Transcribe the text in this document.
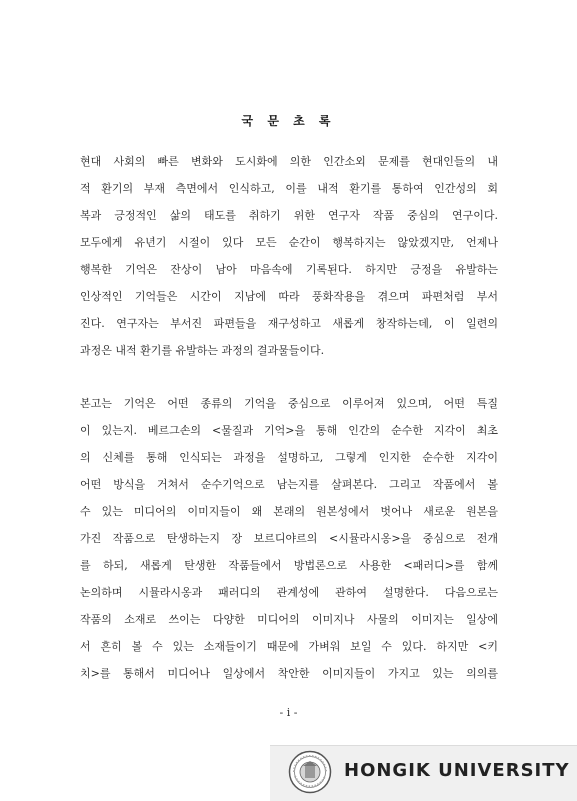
국 문 초 록
현대 사회의 빠른 변화와 도시화에 의한 인간소외 문제를 현대인들의 내
적 환기의 부재 측면에서 인식하고, 이를 내적 환기를 통하여 인간성의 회
복과 긍정적인 삶의 태도를 취하기 위한 연구자 작품 중심의 연구이다.
모두에게 유년기 시절이 있다 모든 순간이 행복하지는 않았겠지만, 언제나
행복한 기억은 잔상이 남아 마음속에 기록된다. 하지만 긍정을 유발하는
인상적인 기억들은 시간이 지남에 따라 풍화작용을 겪으며 파편처럼 부서
진다. 연구자는 부서진 파편들을 재구성하고 새롭게 창작하는데, 이 일련의
과정은 내적 환기를 유발하는 과정의 결과물들이다.
본고는 기억은 어떤 종류의 기억을 중심으로 이루어져 있으며, 어떤 특질
이 있는지. 베르그손의 <물질과 기억>을 통해 인간의 순수한 지각이 최초
의 신체를 통해 인식되는 과정을 설명하고, 그렇게 인지한 순수한 지각이
어떤 방식을 거쳐서 순수기억으로 남는지를 살펴본다. 그리고 작품에서 볼
수 있는 미디어의 이미지들이 왜 본래의 원본성에서 벗어나 새로운 원본을
가진 작품으로 탄생하는지 장 보르디야르의 <시뮬라시옹>을 중심으로 전개
를 하되, 새롭게 탄생한 작품들에서 방법론으로 사용한 <패러디>를 함께
논의하며 시뮬라시옹과 패러디의 관계성에 관하여 설명한다. 다음으로는
작품의 소재로 쓰이는 다양한 미디어의 이미지나 사물의 이미지는 일상에
서 흔히 볼 수 있는 소재들이기 때문에 가벼워 보일 수 있다. 하지만 <키
치>를 통해서 미디어나 일상에서 착안한 이미지들이 가지고 있는 의의를
- i -
HONGIK UNIVERSITY
